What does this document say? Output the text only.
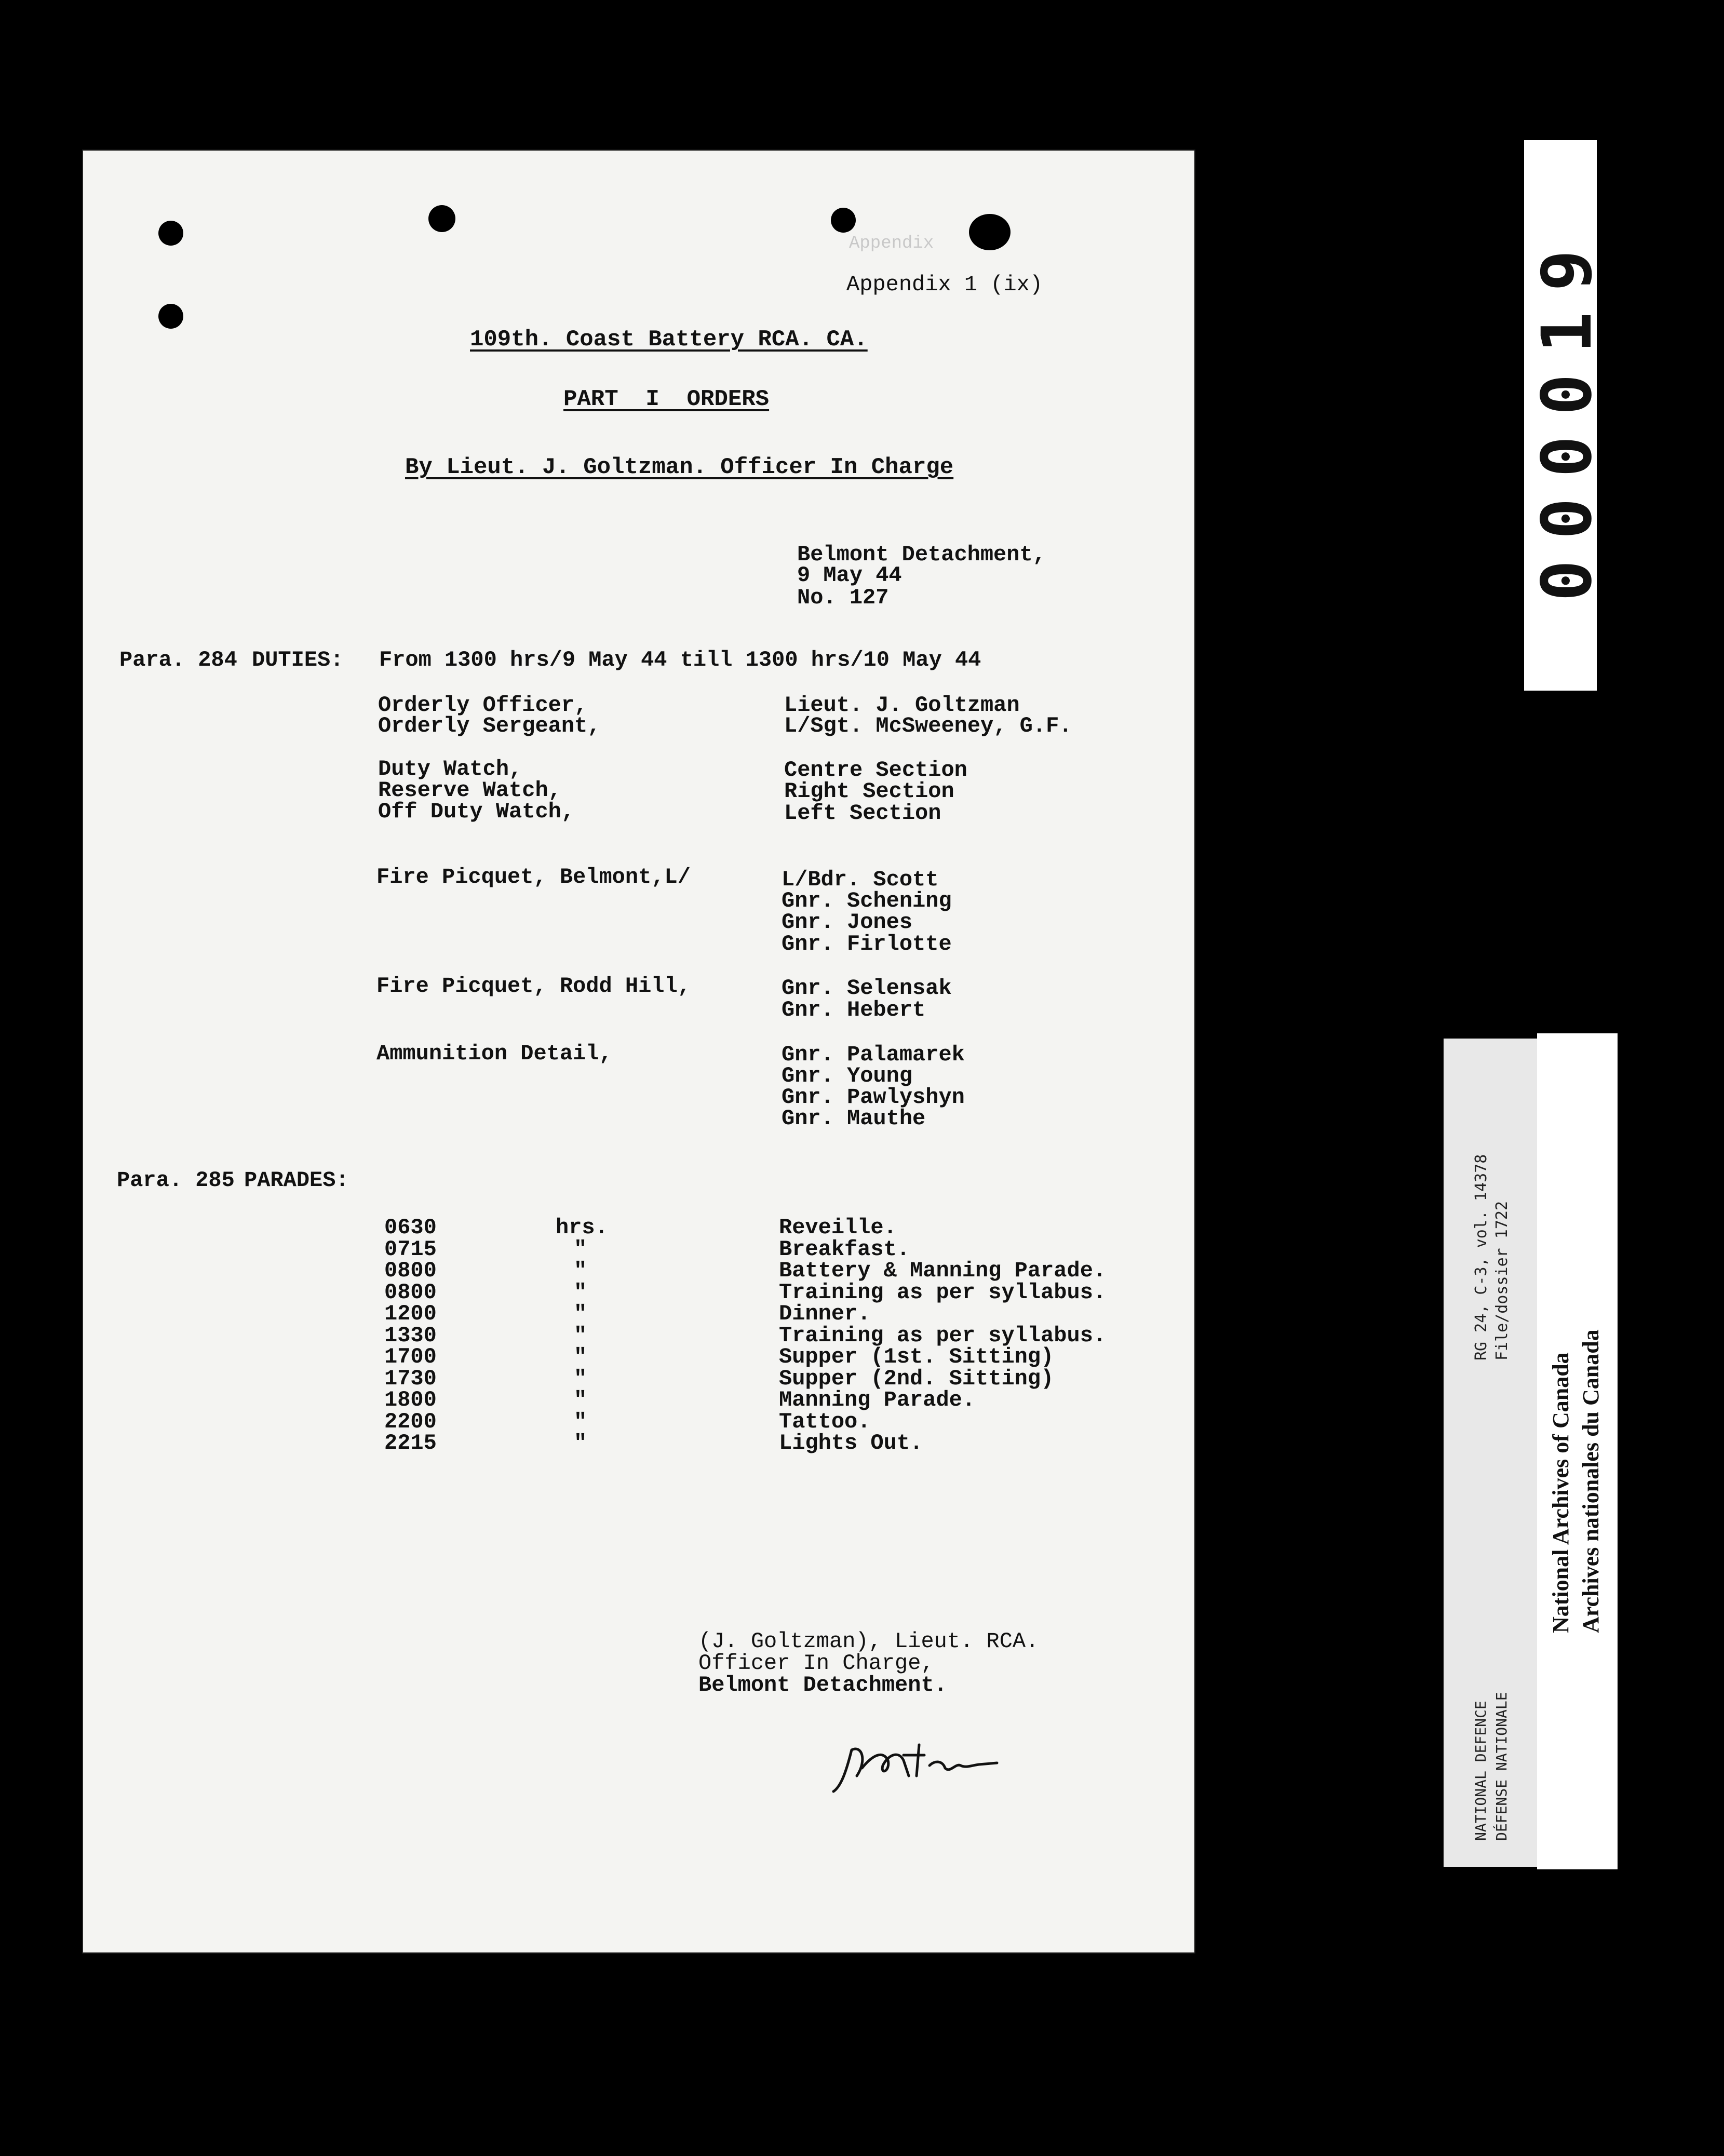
000019
Appendix
Appendix 1 (ix)
109th. Coast Battery RCA. CA.
PART  I  ORDERS
By Lieut. J. Goltzman. Officer In Charge
Belmont Detachment,
9 May 44
No. 127
Para. 284 DUTIES: From 1300 hrs/9 May 44 till 1300 hrs/10 May 44
Orderly Officer,	Lieut. J. Goltzman
Orderly Sergeant,	L/Sgt. McSweeney, G.F.
Duty Watch,	Centre Section
Reserve Watch,	Right Section
Off Duty Watch,	Left Section
Fire Picquet, Belmont,L/	L/Bdr. Scott
Gnr. Schening
Gnr. Jones
Gnr. Firlotte
Fire Picquet, Rodd Hill,	Gnr. Selensak
Gnr. Hebert
Ammunition Detail,	Gnr. Palamarek
Gnr. Young
Gnr. Pawlyshyn
Gnr. Mauthe
Para. 285 PARADES:
0630	hrs.	Reveille.
0715	"	Breakfast.
0800	"	Battery & Manning Parade.
0800	"	Training as per syllabus.
1200	"	Dinner.
1330	"	Training as per syllabus.
1700	"	Supper (1st. Sitting)
1730	"	Supper (2nd. Sitting)
1800	"	Manning Parade.
2200	"	Tattoo.
2215	"	Lights Out.
(J. Goltzman), Lieut. RCA.
Officer In Charge,
Belmont Detachment.
RG 24, C-3, vol. 14378 File/dossier 1722
NATIONAL DEFENCE DÉFENSE NATIONALE
National Archives of Canada Archives nationales du Canada
